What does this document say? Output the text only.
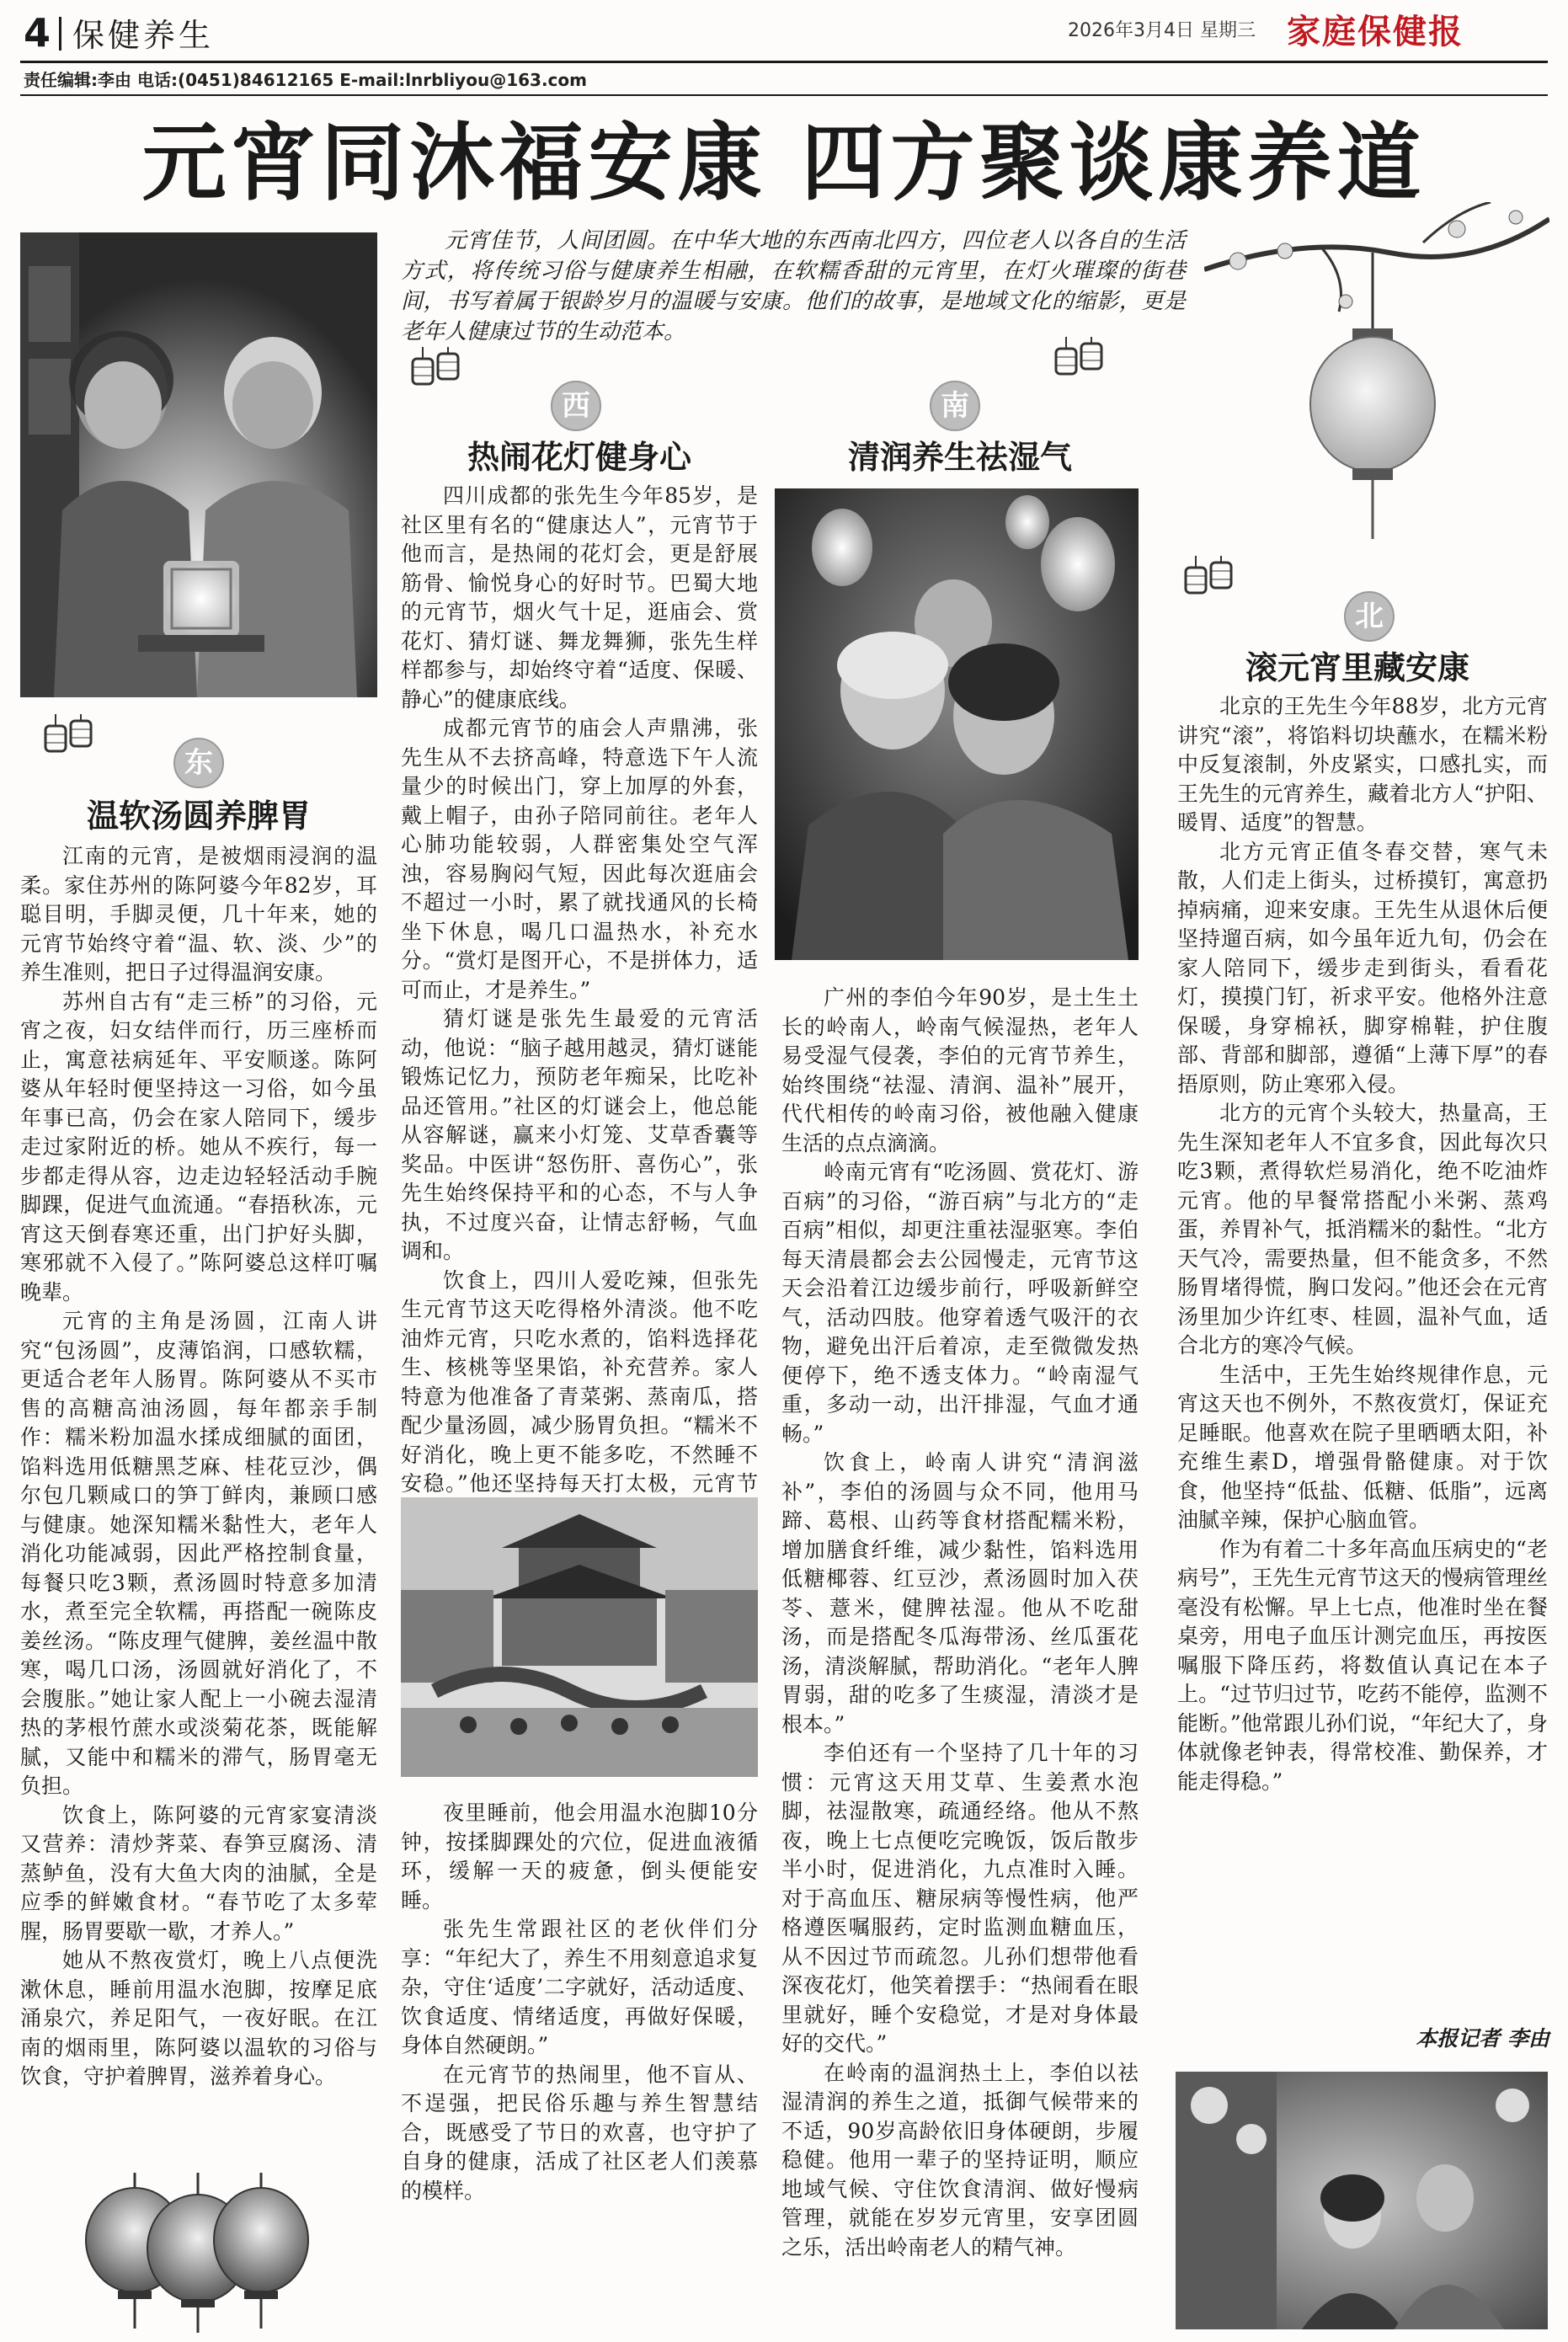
4 保健养生	2026年3月4日 星期三 家庭保健报
责任编辑:李由 电话:(0451)84612165 E-mail:lnrbliyou@163.com
元宵同沐福安康 四方聚谈康养道
元宵佳节，人间团圆。在中华大地的东西南北四方，四位老人以各自的生活方式，将传统习俗与健康养生相融，在软糯香甜的元宵里，在灯火璀璨的街巷间，书写着属于银龄岁月的温暖与安康。他们的故事，是地域文化的缩影，更是老年人健康过节的生动范本。
东
温软汤圆养脾胃

江南的元宵，是被烟雨浸润的温柔。家住苏州的陈阿婆今年82岁，耳聪目明，手脚灵便，几十年来，她的元宵节始终守着“温、软、淡、少”的养生准则，把日子过得温润安康。

苏州自古有“走三桥”的习俗，元宵之夜，妇女结伴而行，历三座桥而止，寓意祛病延年、平安顺遂。陈阿婆从年轻时便坚持这一习俗，如今虽年事已高，仍会在家人陪同下，缓步走过家附近的桥。她从不疾行，每一步都走得从容，边走边轻轻活动手腕脚踝，促进气血流通。“春捂秋冻，元宵这天倒春寒还重，出门护好头脚，寒邪就不入侵了。”陈阿婆总这样叮嘱晚辈。

元宵的主角是汤圆，江南人讲究“包汤圆”，皮薄馅润，口感软糯，更适合老年人肠胃。陈阿婆从不买市售的高糖高油汤圆，每年都亲手制作：糯米粉加温水揉成细腻的面团，馅料选用低糖黑芝麻、桂花豆沙，偶尔包几颗咸口的笋丁鲜肉，兼顾口感与健康。她深知糯米黏性大，老年人消化功能减弱，因此严格控制食量，每餐只吃3颗，煮汤圆时特意多加清水，煮至完全软糯，再搭配一碗陈皮姜丝汤。“陈皮理气健脾，姜丝温中散寒，喝几口汤，汤圆就好消化了，不会腹胀。”她让家人配上一小碗去湿清热的茅根竹蔗水或淡菊花茶，既能解腻，又能中和糯米的滞气，肠胃毫无负担。

饮食上，陈阿婆的元宵家宴清淡又营养：清炒荠菜、春笋豆腐汤、清蒸鲈鱼，没有大鱼大肉的油腻，全是应季的鲜嫩食材。“春节吃了太多荤腥，肠胃要歇一歇，才养人。”

她从不熬夜赏灯，晚上八点便洗漱休息，睡前用温水泡脚，按摩足底涌泉穴，养足阳气，一夜好眠。在江南的烟雨里，陈阿婆以温软的习俗与饮食，守护着脾胃，滋养着身心。

西
热闹花灯健身心

四川成都的张先生今年85岁，是社区里有名的“健康达人”，元宵节于他而言，是热闹的花灯会，更是舒展筋骨、愉悦身心的好时节。巴蜀大地的元宵节，烟火气十足，逛庙会、赏花灯、猜灯谜、舞龙舞狮，张先生样样都参与，却始终守着“适度、保暖、静心”的健康底线。

成都元宵节的庙会人声鼎沸，张先生从不去挤高峰，特意选下午人流量少的时候出门，穿上加厚的外套，戴上帽子，由孙子陪同前往。老年人心肺功能较弱，人群密集处空气浑浊，容易胸闷气短，因此每次逛庙会不超过一小时，累了就找通风的长椅坐下休息，喝几口温热水，补充水分。“赏灯是图开心，不是拼体力，适可而止，才是养生。”

猜灯谜是张先生最爱的元宵活动，他说：“脑子越用越灵，猜灯谜能锻炼记忆力，预防老年痴呆，比吃补品还管用。”社区的灯谜会上，他总能从容解谜，赢来小灯笼、艾草香囊等奖品。中医讲“怒伤肝、喜伤心”，张先生始终保持平和的心态，不与人争执，不过度兴奋，让情志舒畅，气血调和。

饮食上，四川人爱吃辣，但张先生元宵节这天吃得格外清淡。他不吃油炸元宵，只吃水煮的，馅料选择花生、核桃等坚果馅，补充营养。家人特意为他准备了青菜粥、蒸南瓜，搭配少量汤圆，减少肠胃负担。“糯米不好消化，晚上更不能多吃，不然睡不安稳。”他还坚持每天打太极，元宵节

夜里睡前，他会用温水泡脚10分钟，按揉脚踝处的穴位，促进血液循环，缓解一天的疲惫，倒头便能安睡。

张先生常跟社区的老伙伴们分享：“年纪大了，养生不用刻意追求复杂，守住‘适度’二字就好，活动适度、饮食适度、情绪适度，再做好保暖，身体自然硬朗。”

在元宵节的热闹里，他不盲从、不逞强，把民俗乐趣与养生智慧结合，既感受了节日的欢喜，也守护了自身的健康，活成了社区老人们羡慕的模样。

南
清润养生祛湿气

广州的李伯今年90岁，是土生土长的岭南人，岭南气候湿热，老年人易受湿气侵袭，李伯的元宵节养生，始终围绕“祛湿、清润、温补”展开，代代相传的岭南习俗，被他融入健康生活的点点滴滴。

岭南元宵有“吃汤圆、赏花灯、游百病”的习俗，“游百病”与北方的“走百病”相似，却更注重祛湿驱寒。李伯每天清晨都会去公园慢走，元宵节这天会沿着江边缓步前行，呼吸新鲜空气，活动四肢。他穿着透气吸汗的衣物，避免出汗后着凉，走至微微发热便停下，绝不透支体力。“岭南湿气重，多动一动，出汗排湿，气血才通畅。”

饮食上，岭南人讲究“清润滋补”，李伯的汤圆与众不同，他用马蹄、葛根、山药等食材搭配糯米粉，增加膳食纤维，减少黏性，馅料选用低糖椰蓉、红豆沙，煮汤圆时加入茯苓、薏米，健脾祛湿。他从不吃甜汤，而是搭配冬瓜海带汤、丝瓜蛋花汤，清淡解腻，帮助消化。“老年人脾胃弱，甜的吃多了生痰湿，清淡才是根本。”

李伯还有一个坚持了几十年的习惯：元宵这天用艾草、生姜煮水泡脚，祛湿散寒，疏通经络。他从不熬夜，晚上七点便吃完晚饭，饭后散步半小时，促进消化，九点准时入睡。对于高血压、糖尿病等慢性病，他严格遵医嘱服药，定时监测血糖血压，从不因过节而疏忽。儿孙们想带他看深夜花灯，他笑着摆手：“热闹看在眼里就好，睡个安稳觉，才是对身体最好的交代。”

在岭南的温润热土上，李伯以祛湿清润的养生之道，抵御气候带来的不适，90岁高龄依旧身体硬朗，步履稳健。他用一辈子的坚持证明，顺应地域气候、守住饮食清润、做好慢病管理，就能在岁岁元宵里，安享团圆之乐，活出岭南老人的精气神。

北
滚元宵里藏安康

北京的王先生今年88岁，北方元宵讲究“滚”，将馅料切块蘸水，在糯米粉中反复滚制，外皮紧实，口感扎实，而王先生的元宵养生，藏着北方人“护阳、暖胃、适度”的智慧。

北方元宵正值冬春交替，寒气未散，人们走上街头，过桥摸钉，寓意扔掉病痛，迎来安康。王先生从退休后便坚持遛百病，如今虽年近九旬，仍会在家人陪同下，缓步走到街头，看看花灯，摸摸门钉，祈求平安。他格外注意保暖，身穿棉袄，脚穿棉鞋，护住腹部、背部和脚部，遵循“上薄下厚”的春捂原则，防止寒邪入侵。

北方的元宵个头较大，热量高，王先生深知老年人不宜多食，因此每次只吃3颗，煮得软烂易消化，绝不吃油炸元宵。他的早餐常搭配小米粥、蒸鸡蛋，养胃补气，抵消糯米的黏性。“北方天气冷，需要热量，但不能贪多，不然肠胃堵得慌，胸口发闷。”他还会在元宵汤里加少许红枣、桂圆，温补气血，适合北方的寒冷气候。

生活中，王先生始终规律作息，元宵这天也不例外，不熬夜赏灯，保证充足睡眠。他喜欢在院子里晒晒太阳，补充维生素D，增强骨骼健康。对于饮食，他坚持“低盐、低糖、低脂”，远离油腻辛辣，保护心脑血管。

作为有着二十多年高血压病史的“老病号”，王先生元宵节这天的慢病管理丝毫没有松懈。早上七点，他准时坐在餐桌旁，用电子血压计测完血压，再按医嘱服下降压药，将数值认真记在本子上。“过节归过节，吃药不能停，监测不能断。”他常跟儿孙们说，“年纪大了，身体就像老钟表，得常校准、勤保养，才能走得稳。”

本报记者 李由
